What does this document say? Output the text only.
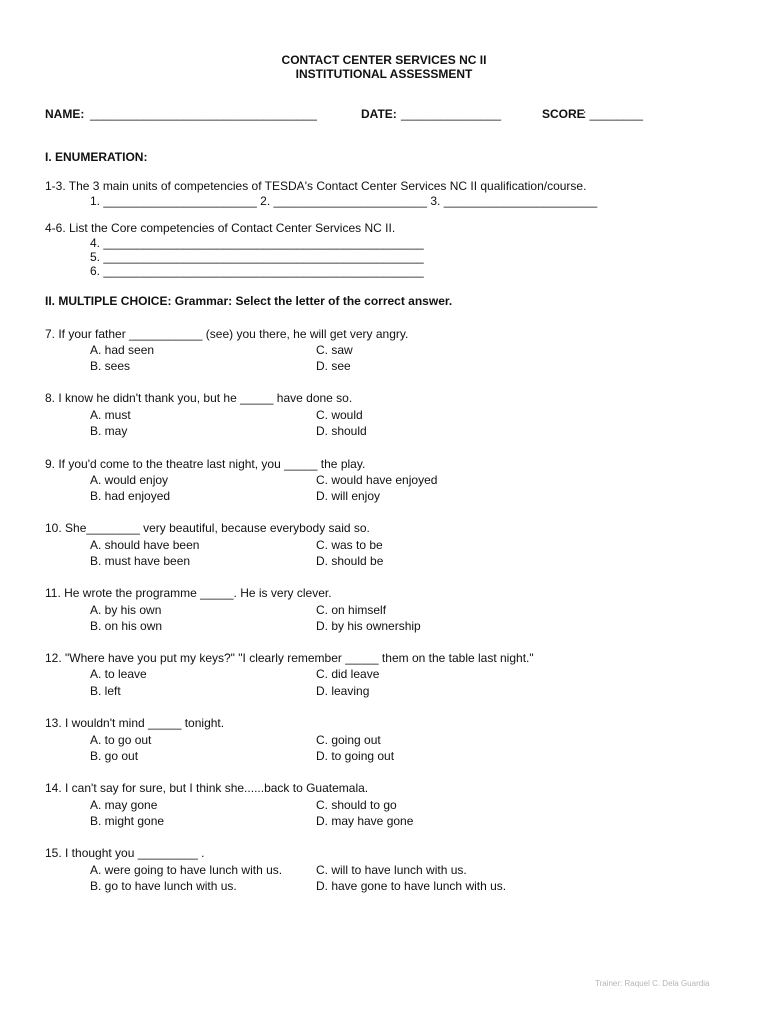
CONTACT CENTER SERVICES NC II
INSTITUTIONAL ASSESSMENT
NAME: __________________________________	DATE: _______________	SCORE
: ________
I. ENUMERATION:
1-3. The 3 main units of competencies of TESDA's Contact Center Services NC II qualification/course.
1. _______________________ 2. _______________________ 3. _______________________
4-6. List the Core competencies of Contact Center Services NC II.
4. ________________________________________________
5. ________________________________________________
6. ________________________________________________
II. MULTIPLE CHOICE: Grammar: Select the letter of the correct answer.
7. If your father ___________ (see) you there, he will get very angry.
A. had seen	C. saw
B. sees	D. see
8. I know he didn't thank you, but he _____ have done so.
A. must	C. would
B. may	D. should
9. If you'd come to the theatre last night, you _____ the play.
A. would enjoy	C. would have enjoyed
B. had enjoyed	D. will enjoy
10. She________ very beautiful, because everybody said so.
A. should have been	C. was to be
B. must have been	D. should be
11. He wrote the programme _____. He is very clever.
A. by his own	C. on himself
B. on his own	D. by his ownership
12. "Where have you put my keys?" "I clearly remember _____ them on the table last night."
A. to leave	C. did leave
B. left	D. leaving
13. I wouldn't mind _____ tonight.
A. to go out	C. going out
B. go out	D. to going out
14. I can't say for sure, but I think she......back to Guatemala.
A. may gone	C. should to go
B. might gone	D. may have gone
15. I thought you _________ .
A. were going to have lunch with us.	C. will to have lunch with us.
B. go to have lunch with us.	D. have gone to have lunch with us.
Trainer: Raquel C. Dela Guardia
